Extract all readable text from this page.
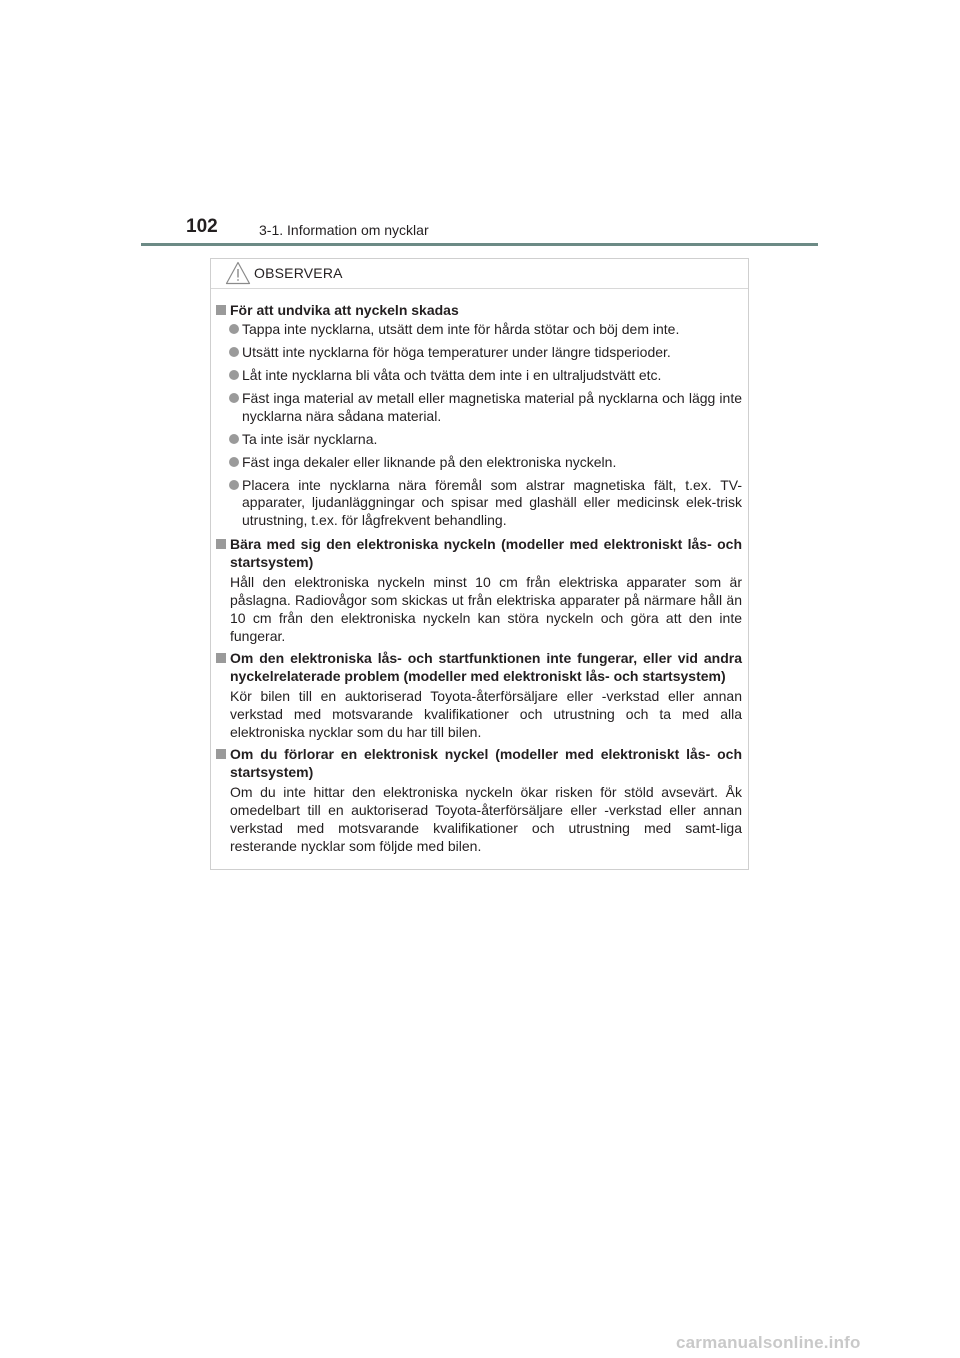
102	3-1. Information om nycklar
OBSERVERA
För att undvika att nyckeln skadas
Tappa inte nycklarna, utsätt dem inte för hårda stötar och böj dem inte.
Utsätt inte nycklarna för höga temperaturer under längre tidsperioder.
Låt inte nycklarna bli våta och tvätta dem inte i en ultraljudstvätt etc.
Fäst inga material av metall eller magnetiska material på nycklarna och lägg inte nycklarna nära sådana material.
Ta inte isär nycklarna.
Fäst inga dekaler eller liknande på den elektroniska nyckeln.
Placera inte nycklarna nära föremål som alstrar magnetiska fält, t.ex. TV-apparater, ljudanläggningar och spisar med glashäll eller medicinsk elek-trisk utrustning, t.ex. för lågfrekvent behandling.
Bära med sig den elektroniska nyckeln (modeller med elektroniskt lås- och startsystem)
Håll den elektroniska nyckeln minst 10 cm från elektriska apparater som är påslagna. Radiovågor som skickas ut från elektriska apparater på närmare håll än 10 cm från den elektroniska nyckeln kan störa nyckeln och göra att den inte fungerar.
Om den elektroniska lås- och startfunktionen inte fungerar, eller vid andra nyckelrelaterade problem (modeller med elektroniskt lås- och startsystem)
Kör bilen till en auktoriserad Toyota-återförsäljare eller -verkstad eller annan verkstad med motsvarande kvalifikationer och utrustning och ta med alla elektroniska nycklar som du har till bilen.
Om du förlorar en elektronisk nyckel (modeller med elektroniskt lås- och startsystem)
Om du inte hittar den elektroniska nyckeln ökar risken för stöld avsevärt. Åk omedelbart till en auktoriserad Toyota-återförsäljare eller -verkstad eller annan verkstad med motsvarande kvalifikationer och utrustning med samt-liga resterande nycklar som följde med bilen.
carmanualsonline.info
